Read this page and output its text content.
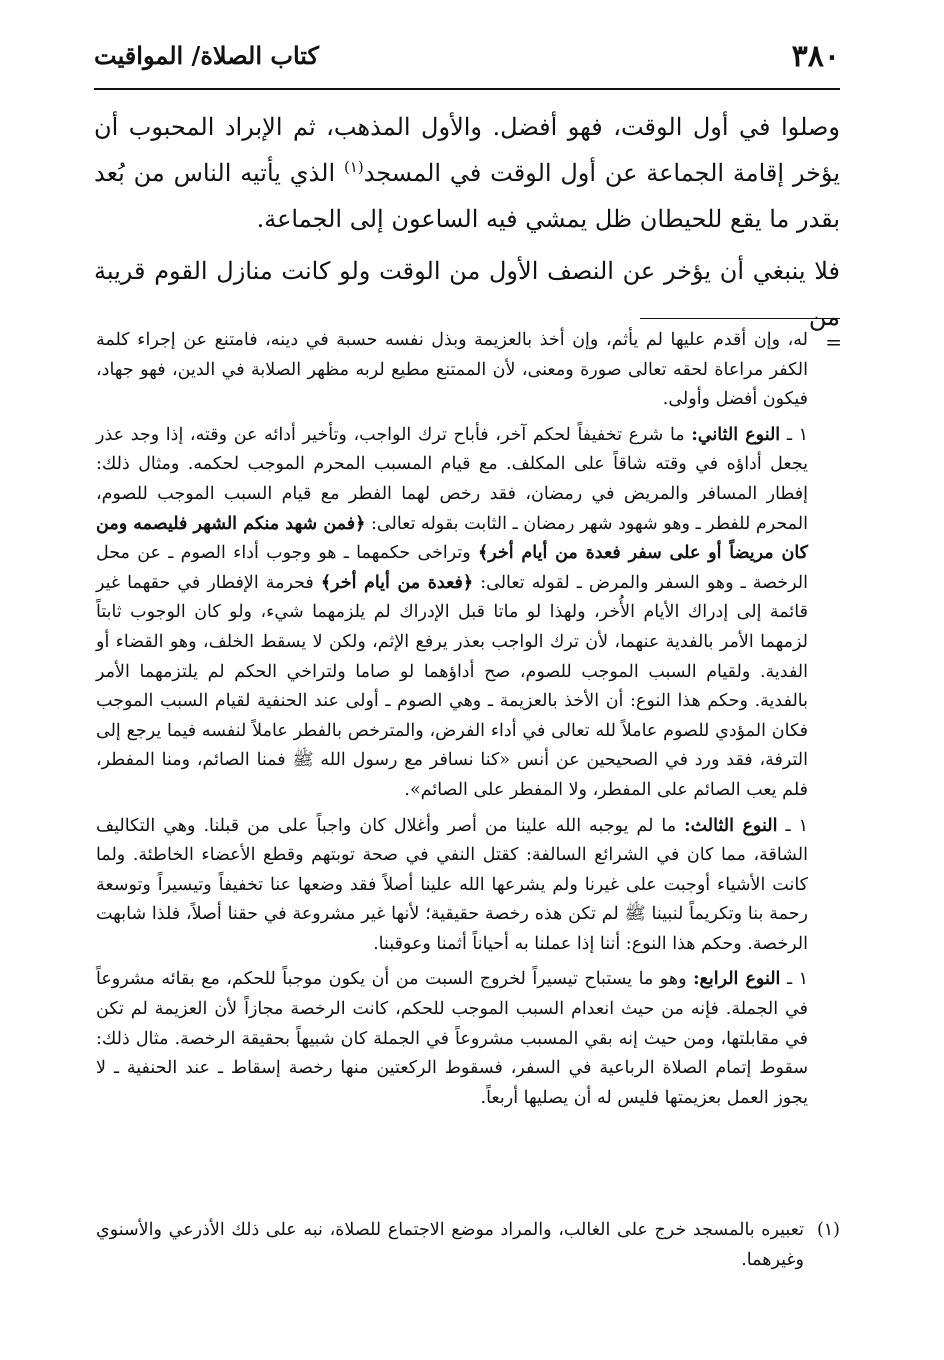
٣٨٠
كتاب الصلاة/ المواقيت

وصلوا في أول الوقت، فهو أفضل. والأول المذهب، ثم الإبراد المحبوب أن يؤخر إقامة الجماعة عن أول الوقت في المسجد$^{(١)}$ الذي يأتيه الناس من بُعد بقدر ما يقع للحيطان ظل يمشي فيه الساعون إلى الجماعة.

فلا ينبغي أن يؤخر عن النصف الأول من الوقت ولو كانت منازل القوم قريبة من

=

له، وإن أقدم عليها لم يأثم، وإن أخذ بالعزيمة وبذل نفسه حسبة في دينه، فامتنع عن إجراء كلمة الكفر مراعاة لحقه تعالى صورة ومعنى، لأن الممتنع مطيع لربه مظهر الصلابة في الدين، فهو جهاد، فيكون أفضل وأولى.

١ ـ النوع الثاني: ما شرع تخفيفاً لحكم آخر، فأباح ترك الواجب، وتأخير أدائه عن وقته، إذا وجد عذر يجعل أداؤه في وقته شاقاً على المكلف. مع قيام المسبب المحرم الموجب لحكمه. ومثال ذلك: إفطار المسافر والمريض في رمضان، فقد رخص لهما الفطر مع قيام السبب الموجب للصوم، المحرم للفطر ـ وهو شهود شهر رمضان ـ الثابت بقوله تعالى: ﴿فمن شهد منكم الشهر فليصمه ومن كان مريضاً أو على سفر فعدة من أيام أخر﴾ وتراخى حكمهما ـ هو وجوب أداء الصوم ـ عن محل الرخصة ـ وهو السفر والمرض ـ لقوله تعالى: ﴿فعدة من أيام أخر﴾ فحرمة الإفطار في حقهما غير قائمة إلى إدراك الأيام الأُخر، ولهذا لو ماتا قبل الإدراك لم يلزمهما شيء، ولو كان الوجوب ثابتاً لزمهما الأمر بالفدية عنهما، لأن ترك الواجب بعذر يرفع الإثم، ولكن لا يسقط الخلف، وهو القضاء أو الفدية. ولقيام السبب الموجب للصوم، صح أداؤهما لو صاما ولتراخي الحكم لم يلتزمهما الأمر بالفدية. وحكم هذا النوع: أن الأخذ بالعزيمة ـ وهي الصوم ـ أولى عند الحنفية لقيام السبب الموجب فكان المؤدي للصوم عاملاً لله تعالى في أداء الفرض، والمترخص بالفطر عاملاً لنفسه فيما يرجع إلى الترفة، فقد ورد في الصحيحين عن أنس «كنا نسافر مع رسول الله ﷺ فمنا الصائم، ومنا المفطر، فلم يعب الصائم على المفطر، ولا المفطر على الصائم».

١ ـ النوع الثالث: ما لم يوجبه الله علينا من أصر وأغلال كان واجباً على من قبلنا. وهي التكاليف الشاقة، مما كان في الشرائع السالفة: كقتل النفي في صحة توبتهم وقطع الأعضاء الخاطئة. ولما كانت الأشياء أوجبت على غيرنا ولم يشرعها الله علينا أصلاً فقد وضعها عنا تخفيفاً وتيسيراً وتوسعة رحمة بنا وتكريماً لنبينا ﷺ لم تكن هذه رخصة حقيقية؛ لأنها غير مشروعة في حقنا أصلاً، فلذا شابهت الرخصة. وحكم هذا النوع: أننا إذا عملنا به أحياناً أثمنا وعوقبنا.

١ ـ النوع الرابع: وهو ما يستباح تيسيراً لخروج السبت من أن يكون موجباً للحكم، مع بقائه مشروعاً في الجملة. فإنه من حيث انعدام السبب الموجب للحكم، كانت الرخصة مجازاً لأن العزيمة لم تكن في مقابلتها، ومن حيث إنه بقي المسبب مشروعاً في الجملة كان شبيهاً بحقيقة الرخصة. مثال ذلك: سقوط إتمام الصلاة الرباعية في السفر، فسقوط الركعتين منها رخصة إسقاط ـ عند الحنفية ـ لا يجوز العمل بعزيمتها فليس له أن يصليها أربعاً.

(١)
تعبيره بالمسجد خرج على الغالب، والمراد موضع الاجتماع للصلاة، نبه على ذلك الأذرعي والأسنوي وغيرهما.
